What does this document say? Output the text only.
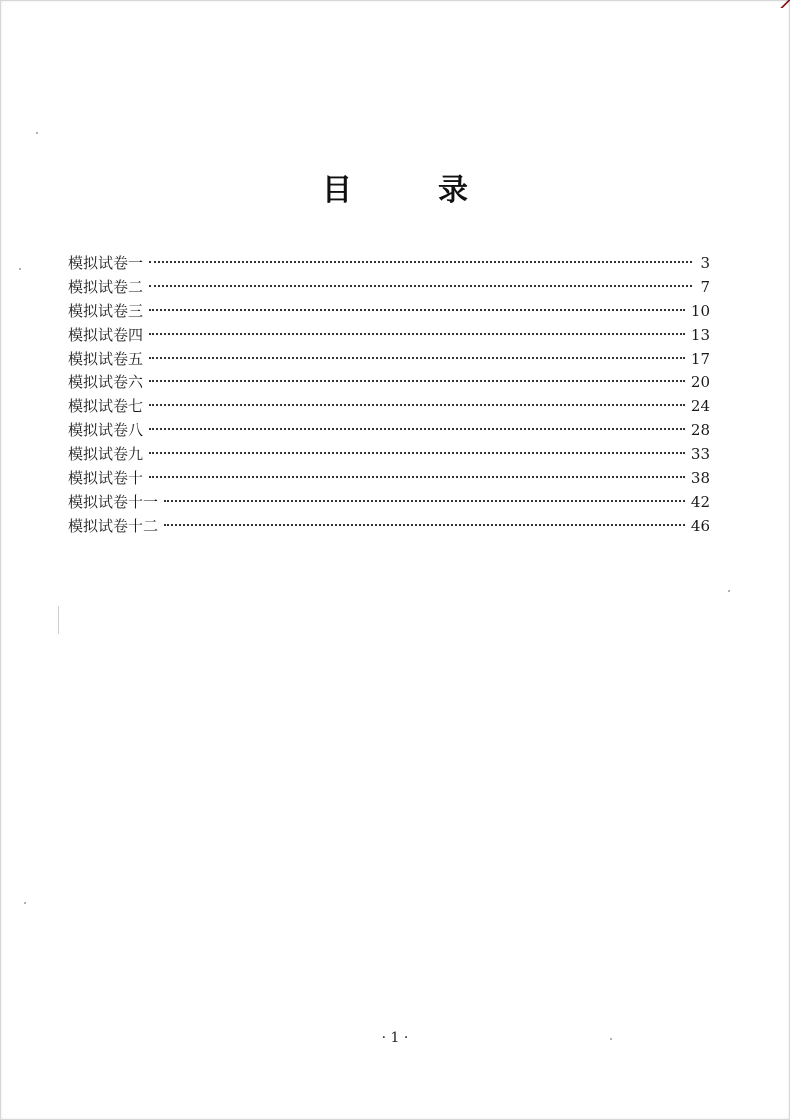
目　录
模拟试卷一	3
模拟试卷二	7
模拟试卷三	10
模拟试卷四	13
模拟试卷五	17
模拟试卷六	20
模拟试卷七	24
模拟试卷八	28
模拟试卷九	33
模拟试卷十	38
模拟试卷十一	42
模拟试卷十二	46
· 1 ·
